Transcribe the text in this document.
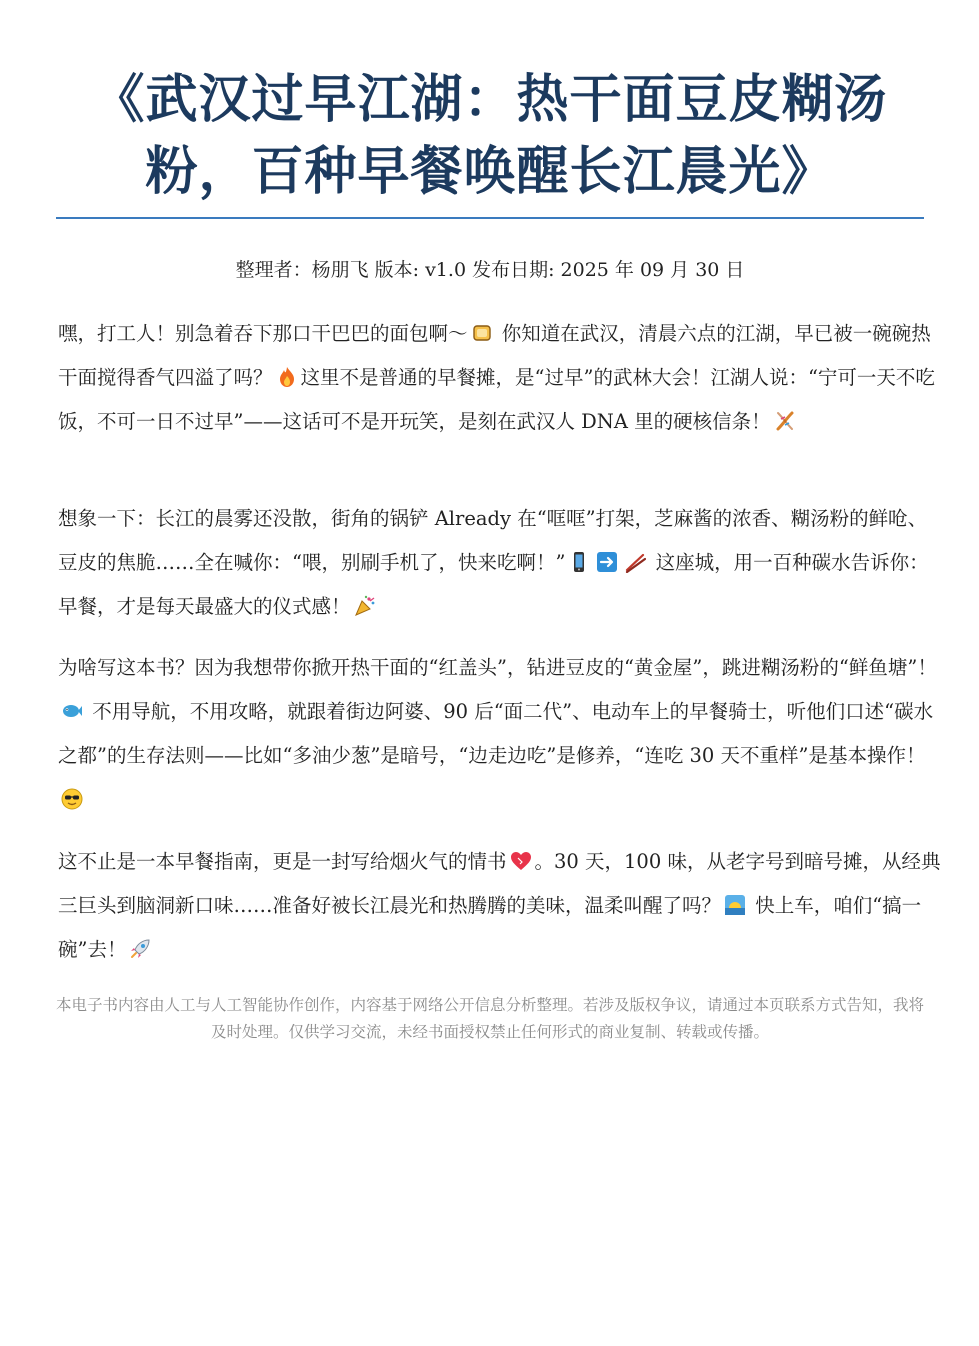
《武汉过早江湖：热干面豆皮糊汤粉，百种早餐唤醒长江晨光》
整理者：杨朋飞 版本: v1.0 发布日期: 2025 年 09 月 30 日

嘿，打工人！别急着吞下那口干巴巴的面包啊～
你知道在武汉，清晨六点的江湖，早已被一碗碗热干面搅得香气四溢了吗？ 这里不是普通的早餐摊，是“过早”的武林大会！江湖人说：“宁可一天不吃饭，不可一日不过早”——这话可不是开玩笑，是刻在武汉人 DNA 里的硬核信条！

想象一下：长江的晨雾还没散，街角的锅铲 Already 在“哐哐”打架，芝麻酱的浓香、糊汤粉的鲜呛、豆皮的焦脆……全在喊你：“喂，别刷手机了，快来吃啊！”	这座城，用一百种碳水告诉你：早餐，才是每天最盛大的仪式感！

为啥写这本书？因为我想带你掀开热干面的“红盖头”，钻进豆皮的“黄金屋”，跳进糊汤粉的“鲜鱼塘”！
不用导航，不用攻略，就跟着街边阿婆、90 后“面二代”、电动车上的早餐骑士，听他们口述“碳水之都”的生存法则——比如“多油少葱”是暗号，“边走边吃”是修养，“连吃 30 天不重样”是基本操作！

这不止是一本早餐指南，更是一封写给烟火气的情书 。30 天，100 味，从老字号到暗号摊，从经典三巨头到脑洞新口味……准备好被长江晨光和热腾腾的美味，温柔叫醒了吗？
快上车，咱们“搞一碗”去！

本电子书内容由人工与人工智能协作创作，内容基于网络公开信息分析整理。若涉及版权争议，请通过本页联系方式告知，我将及时处理。仅供学习交流，未经书面授权禁止任何形式的商业复制、转载或传播。
